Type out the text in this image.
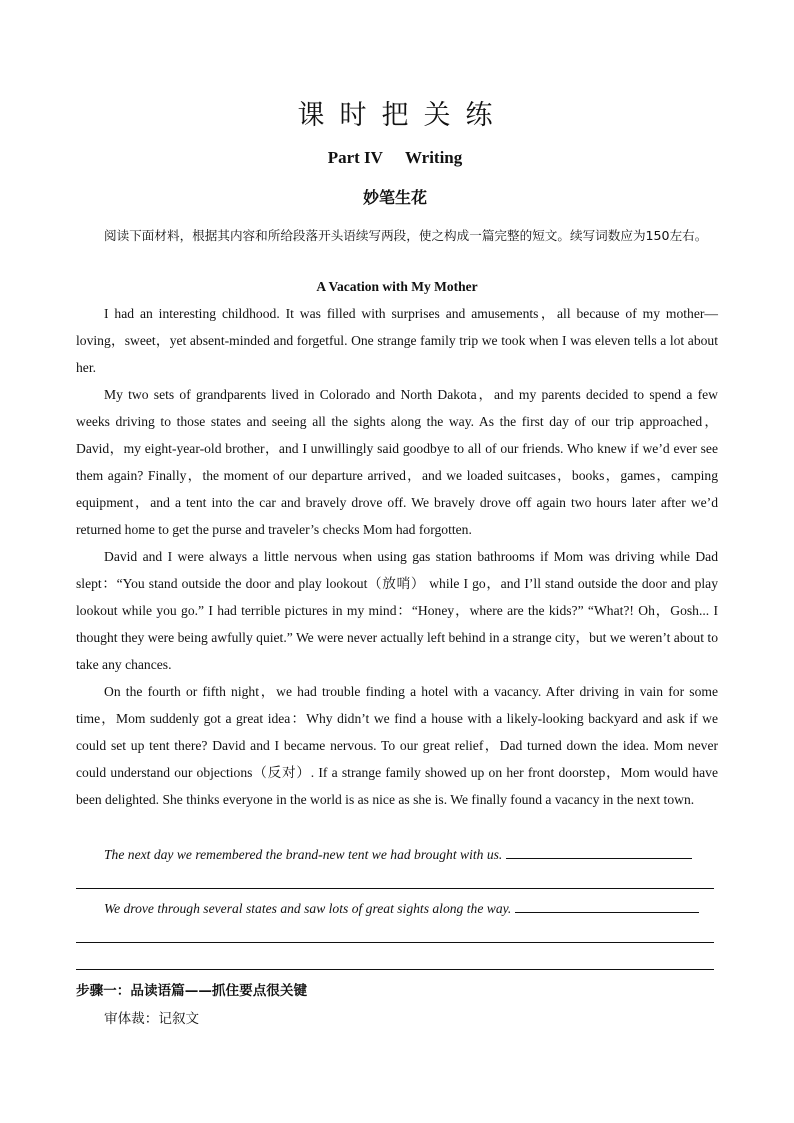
课时把关练
Part IV Writing
妙笔生花
阅读下面材料，根据其内容和所给段落开头语续写两段，使之构成一篇完整的短文。续写词数应为150左右。
A Vacation with My Mother

I had an interesting childhood. It was filled with surprises and amusements，all because of my mother—loving，sweet，yet absent-minded and forgetful. One strange family trip we took when I was eleven tells a lot about her.

My two sets of grandparents lived in Colorado and North Dakota，and my parents decided to spend a few weeks driving to those states and seeing all the sights along the way. As the first day of our trip approached，David，my eight-year-old brother，and I unwillingly said goodbye to all of our friends. Who knew if we’d ever see them again? Finally，the moment of our departure arrived，and we loaded suitcases，books，games，camping equipment，and a tent into the car and bravely drove off. We bravely drove off again two hours later after we’d returned home to get the purse and traveler’s checks Mom had forgotten.

David and I were always a little nervous when using gas station bathrooms if Mom was driving while Dad slept：“You stand outside the door and play lookout（放哨） while I go，and I’ll stand outside the door and play lookout while you go.” I had terrible pictures in my mind：“Honey，where are the kids?” “What?! Oh，Gosh... I thought they were being awfully quiet.” We were never actually left behind in a strange city，but we weren’t about to take any chances.

On the fourth or fifth night，we had trouble finding a hotel with a vacancy. After driving in vain for some time，Mom suddenly got a great idea：Why didn’t we find a house with a likely-looking backyard and ask if we could set up tent there? David and I became nervous. To our great relief，Dad turned down the idea. Mom never could understand our objections（反对）. If a strange family showed up on her front doorstep，Mom would have been delighted. She thinks everyone in the world is as nice as she is. We finally found a vacancy in the next town.

The next day we remembered the brand-new tent we had brought with us.
We drove through several states and saw lots of great sights along the way.
步骤一：品读语篇——抓住要点很关键
审体裁：记叙文
